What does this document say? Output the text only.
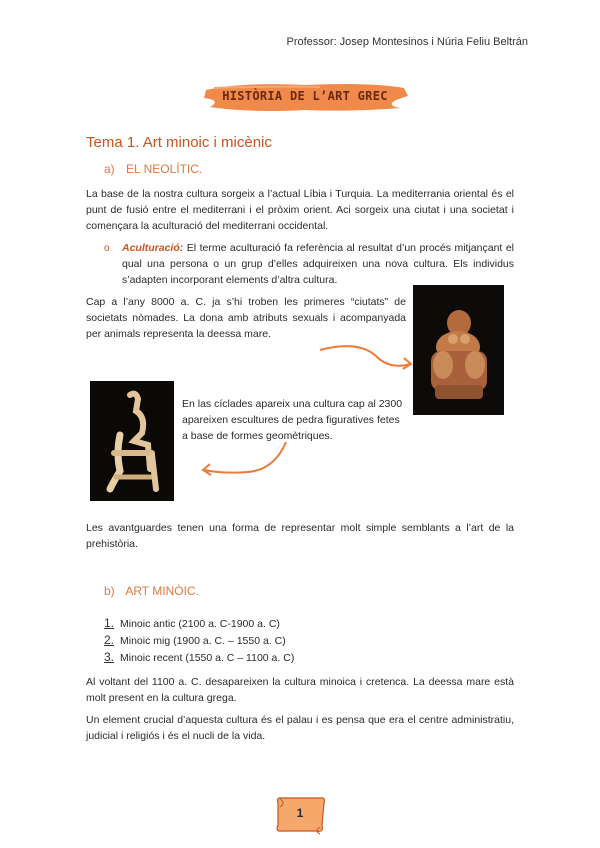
Professor: Josep Montesinos i Núria Feliu Beltrán
HISTÒRIA DE L’ART GREC
Tema 1. Art minoic i micènic
a) EL NEOLÍTIC.
La base de la nostra cultura sorgeix a l’actual Líbia i Turquia. La mediterrania oriental és el punt de fusió entre el mediterrani i el pròxim orient. Aci sorgeix una ciutat i una societat i començara la aculturació del mediterrani occidental.
o Aculturació: El terme aculturació fa referència al resultat d’un procés mitjançant el qual una persona o un grup d’elles adquireixen una nova cultura. Els individus s’adapten incorporant elements d’altra cultura.
Cap a l’any 8000 a. C. ja s’hi troben les primeres “ciutats” de societats nòmades. La dona amb atributs sexuals i acompanyada per animals representa la deessa mare.
En las cíclades apareix una cultura cap al 2300 apareixen escultures de pedra figuratives fetes a base de formes geomètriques.
Les avantguardes tenen una forma de representar molt simple semblants a l’art de la prehistòria.
b) ART MINÒIC.
1. Minoic antic (2100 a. C-1900 a. C)
2. Minoic mig (1900 a. C. – 1550 a. C)
3. Minoic recent (1550 a. C – 1100 a. C)
Al voltant del 1100 a. C. desapareixen la cultura minoica i cretenca. La deessa mare està molt present en la cultura grega.
Un element crucial d’aquesta cultura és el palau i es pensa que era el centre administratiu, judicial i religiós i és el nucli de la vida.
1
